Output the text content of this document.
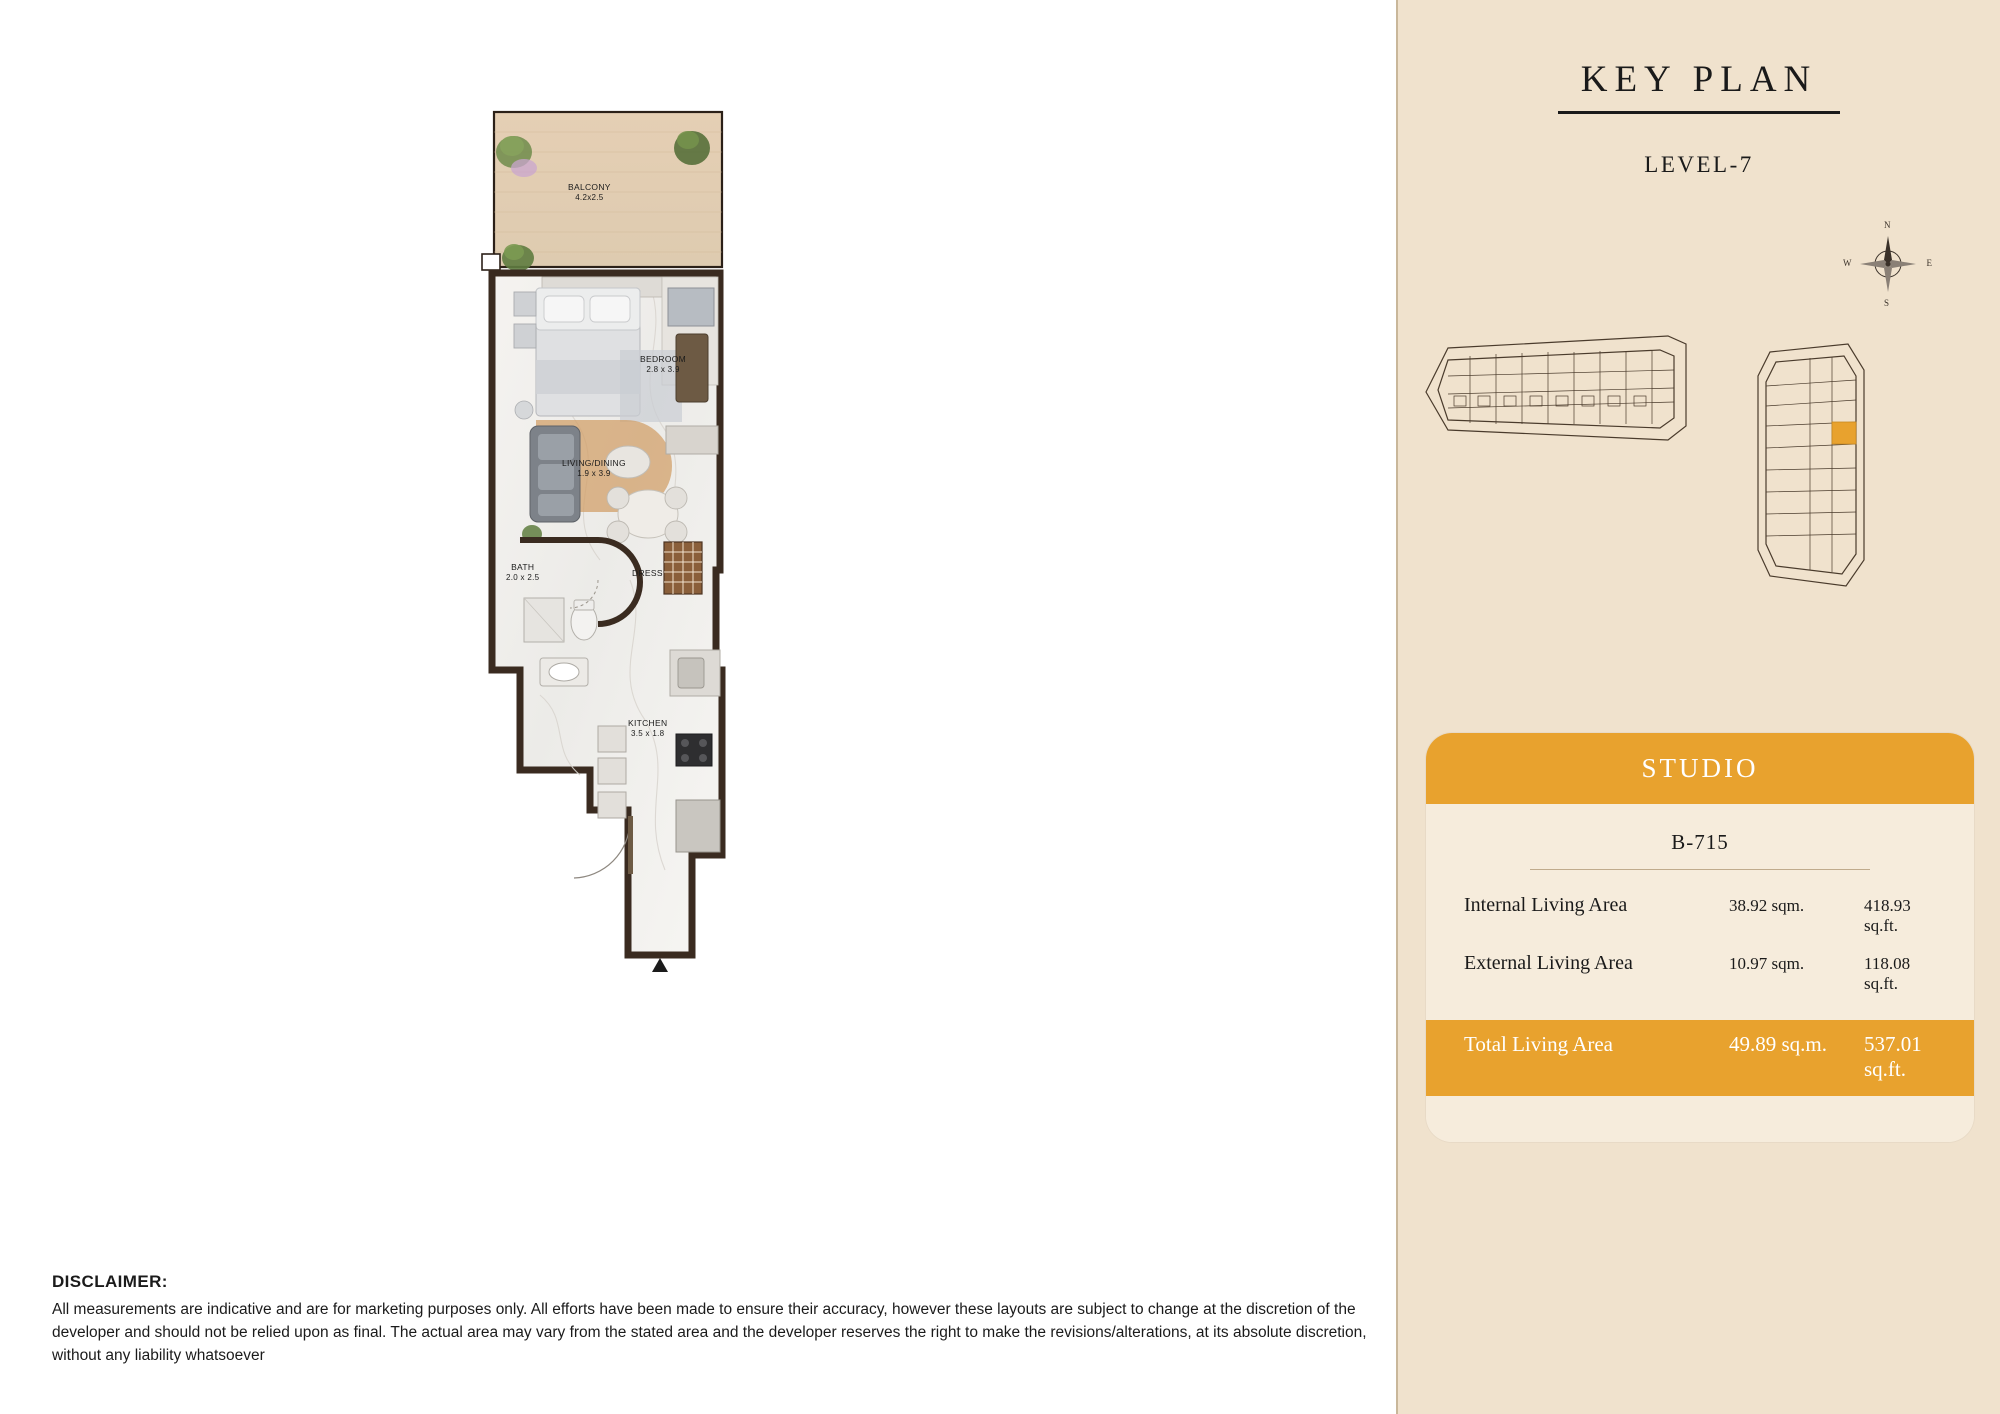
BALCONY
4.2x2.5
BEDROOM
2.8 x 3.9
LIVING/DINING
1.9 x 3.9
BATH
2.0 x 2.5	DRESS
KITCHEN
3.5 x 1.8
DISCLAIMER:
All measurements are indicative and are for marketing purposes only. All efforts have been made to ensure their accuracy, however these layouts are subject to change at the discretion of the developer and should not be relied upon as final. The actual area may vary from the stated area and the developer reserves the right to make the revisions/alterations, at its absolute discretion, without any liability whatsoever
KEY PLAN
LEVEL-7
N
S
E
W
STUDIO
B-715
Internal Living Area	38.92 sqm.	418.93 sq.ft.
External Living Area	10.97 sqm.	118.08 sq.ft.
Total Living Area	49.89 sq.m.	537.01 sq.ft.
